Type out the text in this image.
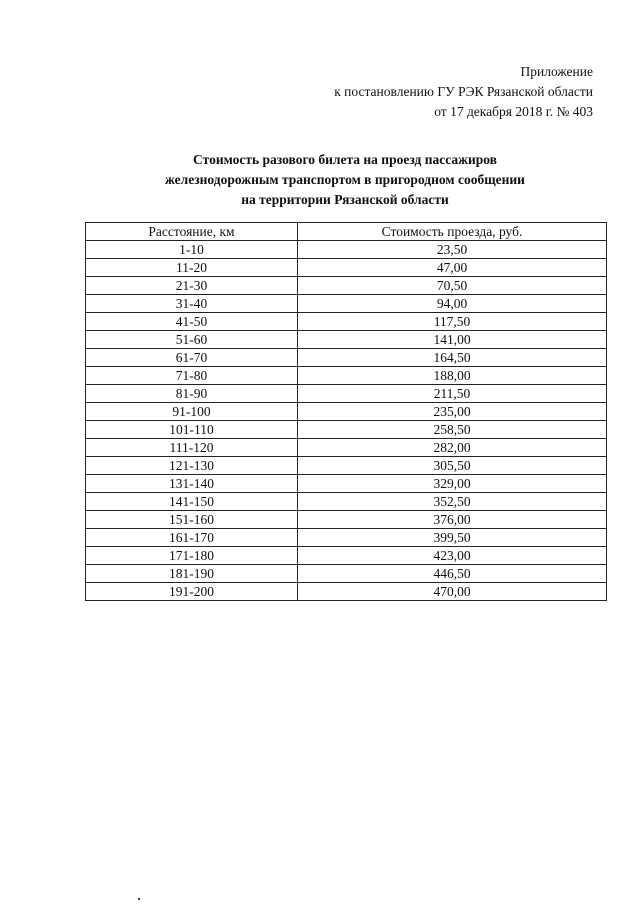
Приложение
к постановлению ГУ РЭК Рязанской области
от 17 декабря 2018 г. № 403
Стоимость разового билета на проезд пассажиров
железнодорожным транспортом в пригородном сообщении
на территории Рязанской области
Расстояние, км	Стоимость проезда, руб.
1-10	23,50
11-20	47,00
21-30	70,50
31-40	94,00
41-50	117,50
51-60	141,00
61-70	164,50
71-80	188,00
81-90	211,50
91-100	235,00
101-110	258,50
111-120	282,00
121-130	305,50
131-140	329,00
141-150	352,50
151-160	376,00
161-170	399,50
171-180	423,00
181-190	446,50
191-200	470,00
